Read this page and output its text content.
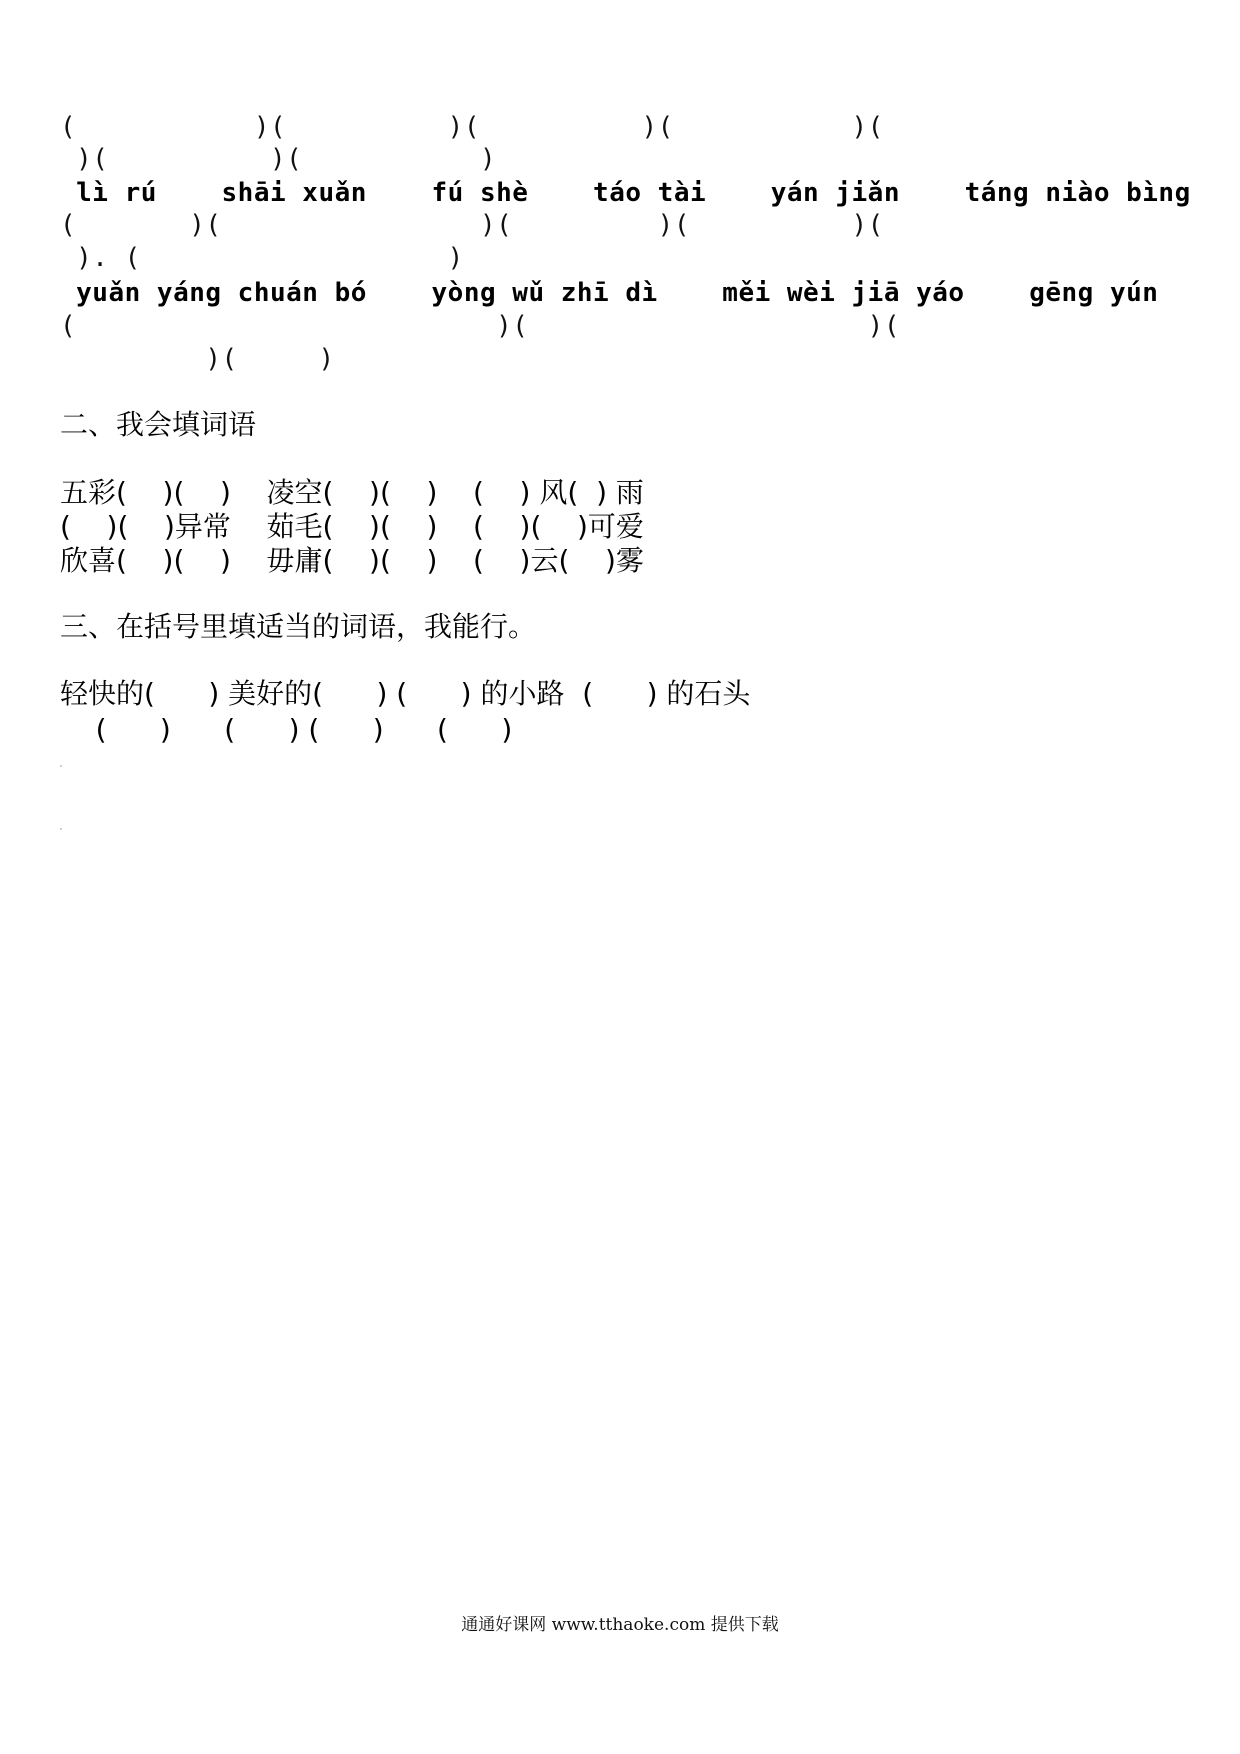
(           )(          )(          )(           )(
)(          )(           )
lì rú    shāi xuǎn    fú shè    táo tài    yán jiǎn    táng niào bìng
(       )(                )(         )(          )(
). (                   )
yuǎn yáng chuán bó    yòng wǔ zhī dì    měi wèi jiā yáo    gēng yún
(                          )(                     )(
)(     )
二、我会填词语
五彩(    )(    )    凌空(    )(    )    (    ) 风(  ) 雨
(    )(    )异常    茹毛(    )(    )    (    )(    )可爱
欣喜(    )(    )    毋庸(    )(    )    (    )云(    )雾
三、在括号里填适当的词语，我能行。
轻快的(      ) 美好的(      ) (      ) 的小路  (      ) 的石头
(      )      (      ) (      )      (      )
通通好课网 www.tthaoke.com 提供下载
